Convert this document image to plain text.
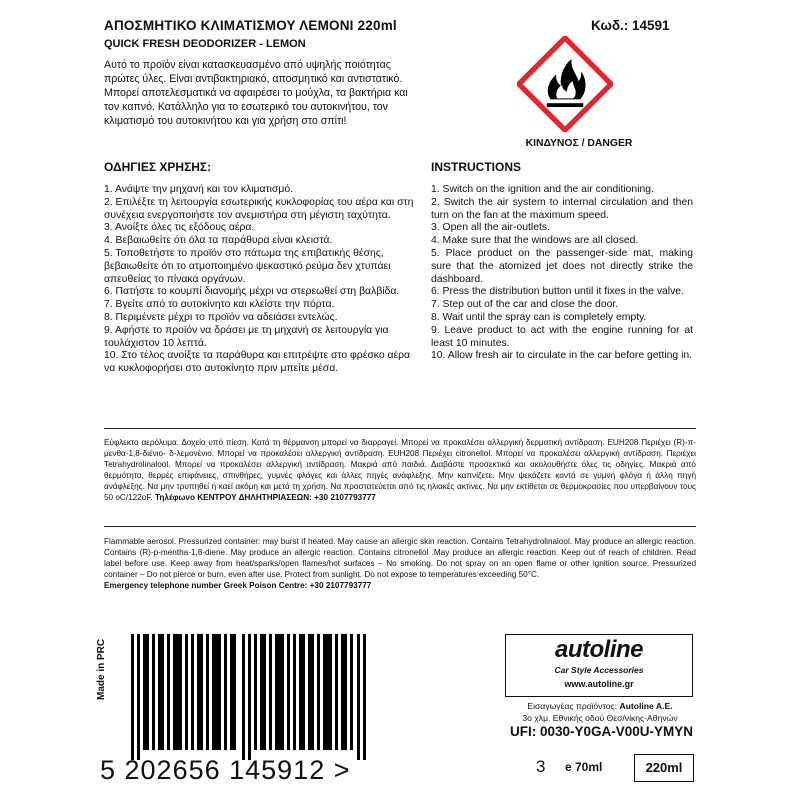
ΑΠΟΣΜΗΤΙΚΟ ΚΛΙΜΑΤΙΣΜΟΥ ΛΕΜΟΝΙ 220ml
QUICK FRESH DEODORIZER - LEMON
Κωδ.: 14591
Αυτό το προϊόν είναι κατασκευασμένο από υψηλής ποιότητας πρώτες ύλες. Είναι αντιβακτηριακό, αποσμητικό και αντιστατικό. Μπορεί αποτελεσματικά να αφαιρέσει το μούχλα, τα βακτήρια και τον καπνό. Κατάλληλο για το εσωτερικό του αυτοκινήτου, τον κλιματισμό του αυτοκινήτου και για χρήση στο σπίτι!
ΚΙΝΔΥΝΟΣ / DANGER
ΟΔΗΓΙΕΣ ΧΡΗΣΗΣ:
1. Ανάψτε την μηχανή και τον κλιματισμό.
2. Επιλέξτε τη λειτουργία εσωτερικής κυκλοφορίας του αέρα και στη συνέχεια ενεργοποιήστε τον ανεμιστήρα στη μέγιστη ταχύτητα.
3. Ανοίξτε όλες τις εξόδους αέρα.
4. Βεβαιωθείτε ότι όλα τα παράθυρα είναι κλειστά.
5. Τοποθετήστε το προϊόν στο πάτωμα της επιβατικής θέσης, βεβαιωθείτε ότι το ατμοποιημένο ψεκαστικό ρεύμα δεν χτυπάει απευθείας το πίνακα οργάνων.
6. Πατήστε το κουμπί διανομής μέχρι να στερεωθεί στη βαλβίδα.
7. Βγείτε από το αυτοκίνητο και κλείστε την πόρτα.
8. Περιμένετε μέχρι το προϊόν να αδειάσει εντελώς.
9. Αφήστε το προϊόν να δράσει με τη μηχανή σε λειτουργία για τουλάχιστον 10 λεπτά.
10. Στο τέλος ανοίξτε τα παράθυρα και επιτρέψτε στο φρέσκο αέρα να κυκλοφορήσει στο αυτοκίνητο πριν μπείτε μέσα.
INSTRUCTIONS
1. Switch on the ignition and the air conditioning.
2. Switch the air system to internal circulation and then turn on the fan at the maximum speed.
3. Open all the air-outlets.
4. Make sure that the windows are all closed.
5. Place product on the passenger-side mat, making sure that the atomized jet does not directly strike the dashboard.
6. Press the distribution button until it fixes in the valve.
7. Step out of the car and close the door.
8. Wait until the spray can is completely empty.
9. Leave product to act with the engine running for at least 10 minutes.
10. Allow fresh air to circulate in the car before getting in.
Εύφλεκτο αερόλυμα. Δοχείο υπό πίεση. Κατά τη θέρμανση μπορεί να διαρραγεί. Μπορεί να προκαλέσει αλλεργική δερματική αντίδραση. EUH208 Περιέχει (R)-π-μενθα-1,8-διένιο- δ-λεμονένιο. Μπορεί να προκαλέσει αλλεργική αντίδραση. EUH208 Περιέχει citronellol. Μπορεί να προκαλέσει αλλεργική αντίδραση. Περιέχει Tetrahydrolinalool. Μπορεί να προκαλέσει αλλεργική αντίδραση. Μακριά από παιδιά. Διαβάστε προσεκτικά και ακολουθήστε όλες τις οδηγίες. Μακριά από θερμότητα, θερμές επιφάνειες, σπινθήρες, γυμνές φλόγες και άλλες πηγές ανάφλεξης. Μην καπνίζετε. Μην ψεκάζετε κοντά σε γυμνή φλόγα ή άλλη πηγή ανάφλεξης. Να μην τρυπηθεί ή καεί ακόμη και μετά τη χρήση. Να προστατεύεται από τις ηλιακές ακτίνες. Να μην εκτίθεται σε θερμοκρασίες που υπερβαίνουν τους 50 oC/122oF. Τηλέφωνο ΚΕΝΤΡΟΥ ΔΗΛΗΤΗΡΙΑΣΕΩΝ: +30 2107793777
Flammable aerosol. Pressurized container: may burst if heated. May cause an allergic skin reaction. Contains Tetrahydrolinalool. May produce an allergic reaction. Contains (R)-p-mentha-1,8-diene. May produce an allergic reaction. Contains citronellol .May produce an allergic reaction. Keep out of reach of children. Read label before use. Keep away from heat/sparks/open flames/hot surfaces – No smoking. Do not spray on an open flame or other ignition source. Pressurized container – Do not pierce or burn, even after use. Protect from sunlight. Do not expose to temperatures exceeding 50°C.
Emergency telephone number Greek Poison Centre: +30 2107793777
Made in PRC
5 202656 145912 >
autoline
Car Style Accessories
www.autoline.gr
Εισαγωγέας προϊόντος: Autoline A.E.
3o χλμ. Εθνικής οδού Θεσ/νίκης-Αθηνών
UFI: 0030-Y0GA-V00U-YMYN
3 e 70ml	220ml
